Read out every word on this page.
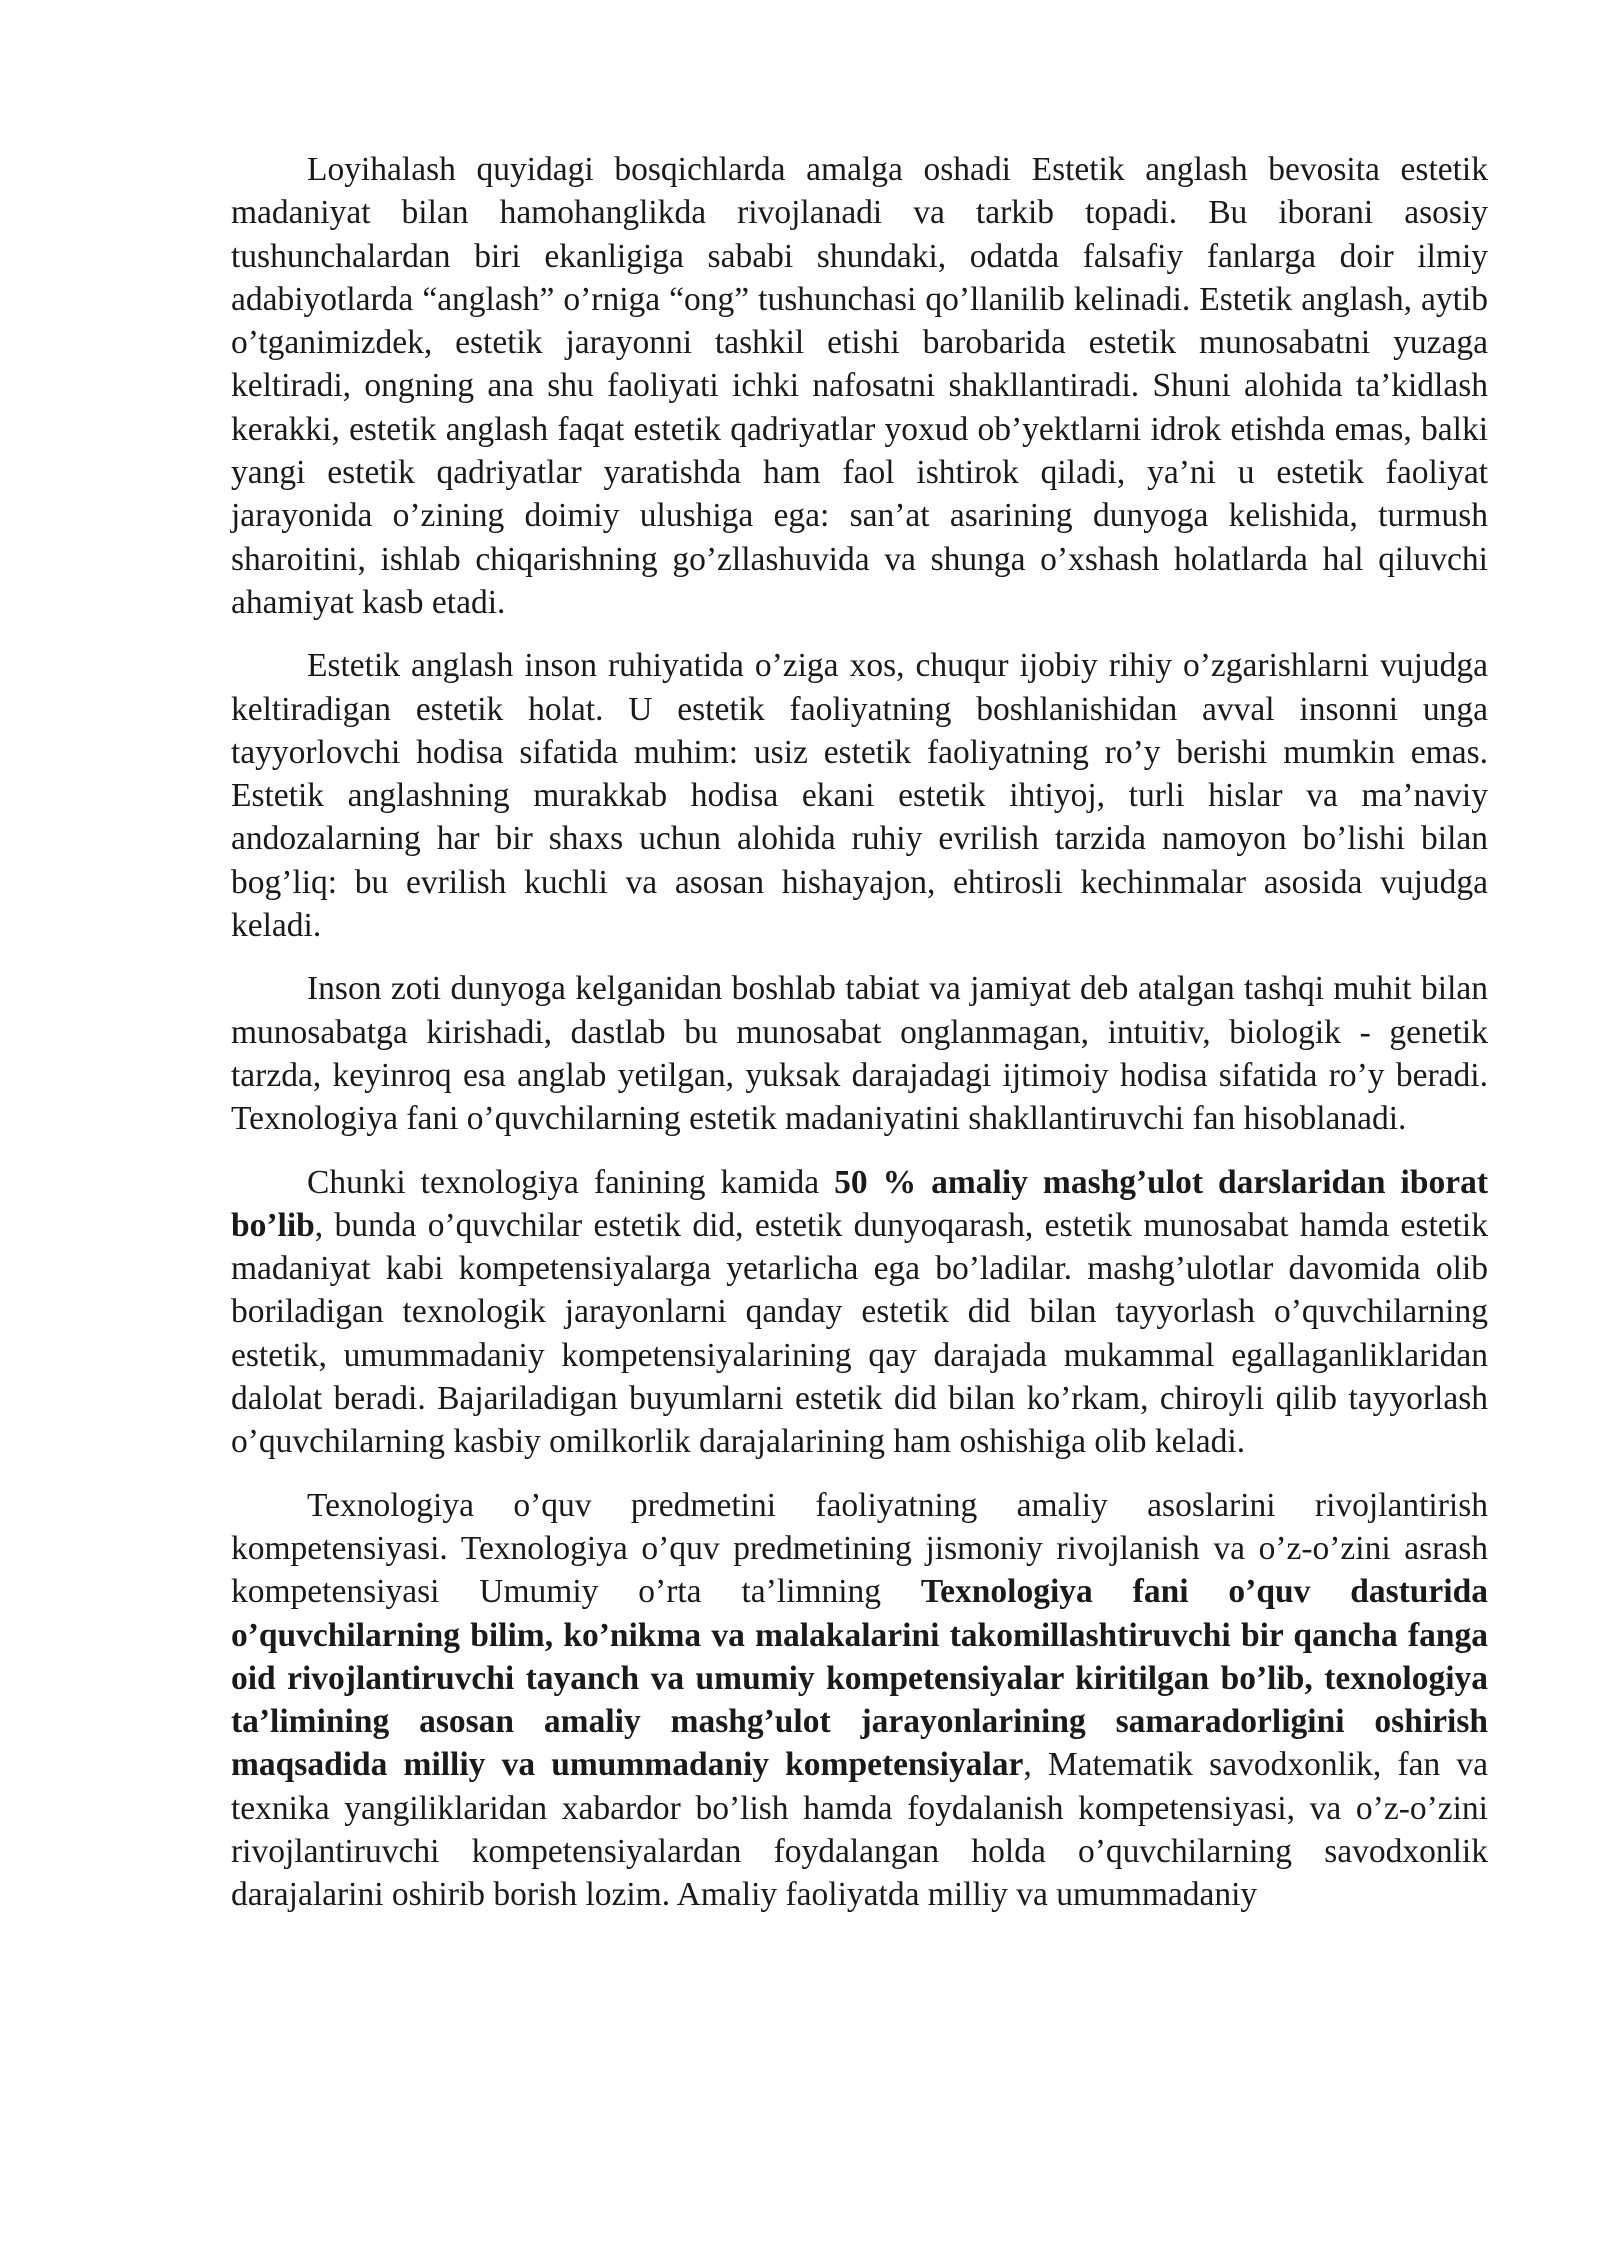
Loyihalash quyidagi bosqichlarda amalga oshadi Estetik anglash bevosita estetik madaniyat bilan hamohanglikda rivojlanadi va tarkib topadi. Bu iborani asosiy tushunchalardan biri ekanligiga sababi shundaki, odatda falsafiy fanlarga doir ilmiy adabiyotlarda “anglash” o’rniga “ong” tushunchasi qo’llanilib kelinadi. Estetik anglash, aytib o’tganimizdek, estetik jarayonni tashkil etishi barobarida estetik munosabatni yuzaga keltiradi, ongning ana shu faoliyati ichki nafosatni shakllantiradi. Shuni alohida ta’kidlash kerakki, estetik anglash faqat estetik qadriyatlar yoxud ob’yektlarni idrok etishda emas, balki yangi estetik qadriyatlar yaratishda ham faol ishtirok qiladi, ya’ni u estetik faoliyat jarayonida o’zining doimiy ulushiga ega: san’at asarining dunyoga kelishida, turmush sharoitini, ishlab chiqarishning go’zllashuvida va shunga o’xshash holatlarda hal qiluvchi ahamiyat kasb etadi.

Estetik anglash inson ruhiyatida o’ziga xos, chuqur ijobiy rihiy o’zgarishlarni vujudga keltiradigan estetik holat. U estetik faoliyatning boshlanishidan avval insonni unga tayyorlovchi hodisa sifatida muhim: usiz estetik faoliyatning ro’y berishi mumkin emas. Estetik anglashning murakkab hodisa ekani estetik ihtiyoj, turli hislar va ma’naviy andozalarning har bir shaxs uchun alohida ruhiy evrilish tarzida namoyon bo’lishi bilan bog’liq: bu evrilish kuchli va asosan hishayajon, ehtirosli kechinmalar asosida vujudga keladi.

Inson zoti dunyoga kelganidan boshlab tabiat va jamiyat deb atalgan tashqi muhit bilan munosabatga kirishadi, dastlab bu munosabat onglanmagan, intuitiv, biologik - genetik tarzda, keyinroq esa anglab yetilgan, yuksak darajadagi ijtimoiy hodisa sifatida ro’y beradi. Texnologiya fani o’quvchilarning estetik madaniyatini shakllantiruvchi fan hisoblanadi.

Chunki texnologiya fanining kamida 50 % amaliy mashg’ulot darslaridan iborat bo’lib, bunda o’quvchilar estetik did, estetik dunyoqarash, estetik munosabat hamda estetik madaniyat kabi kompetensiyalarga yetarlicha ega bo’ladilar. mashg’ulotlar davomida olib boriladigan texnologik jarayonlarni qanday estetik did bilan tayyorlash o’quvchilarning estetik, umummadaniy kompetensiyalarining qay darajada mukammal egallaganliklaridan dalolat beradi. Bajariladigan buyumlarni estetik did bilan ko’rkam, chiroyli qilib tayyorlash o’quvchilarning kasbiy omilkorlik darajalarining ham oshishiga olib keladi.

Texnologiya o’quv predmetini faoliyatning amaliy asoslarini rivojlantirish kompetensiyasi. Texnologiya o’quv predmetining jismoniy rivojlanish va o’z-o’zini asrash kompetensiyasi Umumiy o’rta ta’limning Texnologiya fani o’quv dasturida o’quvchilarning bilim, ko’nikma va malakalarini takomillashtiruvchi bir qancha fanga oid rivojlantiruvchi tayanch va umumiy kompetensiyalar kiritilgan bo’lib, texnologiya ta’limining asosan amaliy mashg’ulot jarayonlarining samaradorligini oshirish maqsadida milliy va umummadaniy kompetensiyalar, Matematik savodxonlik, fan va texnika yangiliklaridan xabardor bo’lish hamda foydalanish kompetensiyasi, va o’z-o’zini rivojlantiruvchi kompetensiyalardan foydalangan holda o’quvchilarning savodxonlik darajalarini oshirib borish lozim. Amaliy faoliyatda milliy va umummadaniy
